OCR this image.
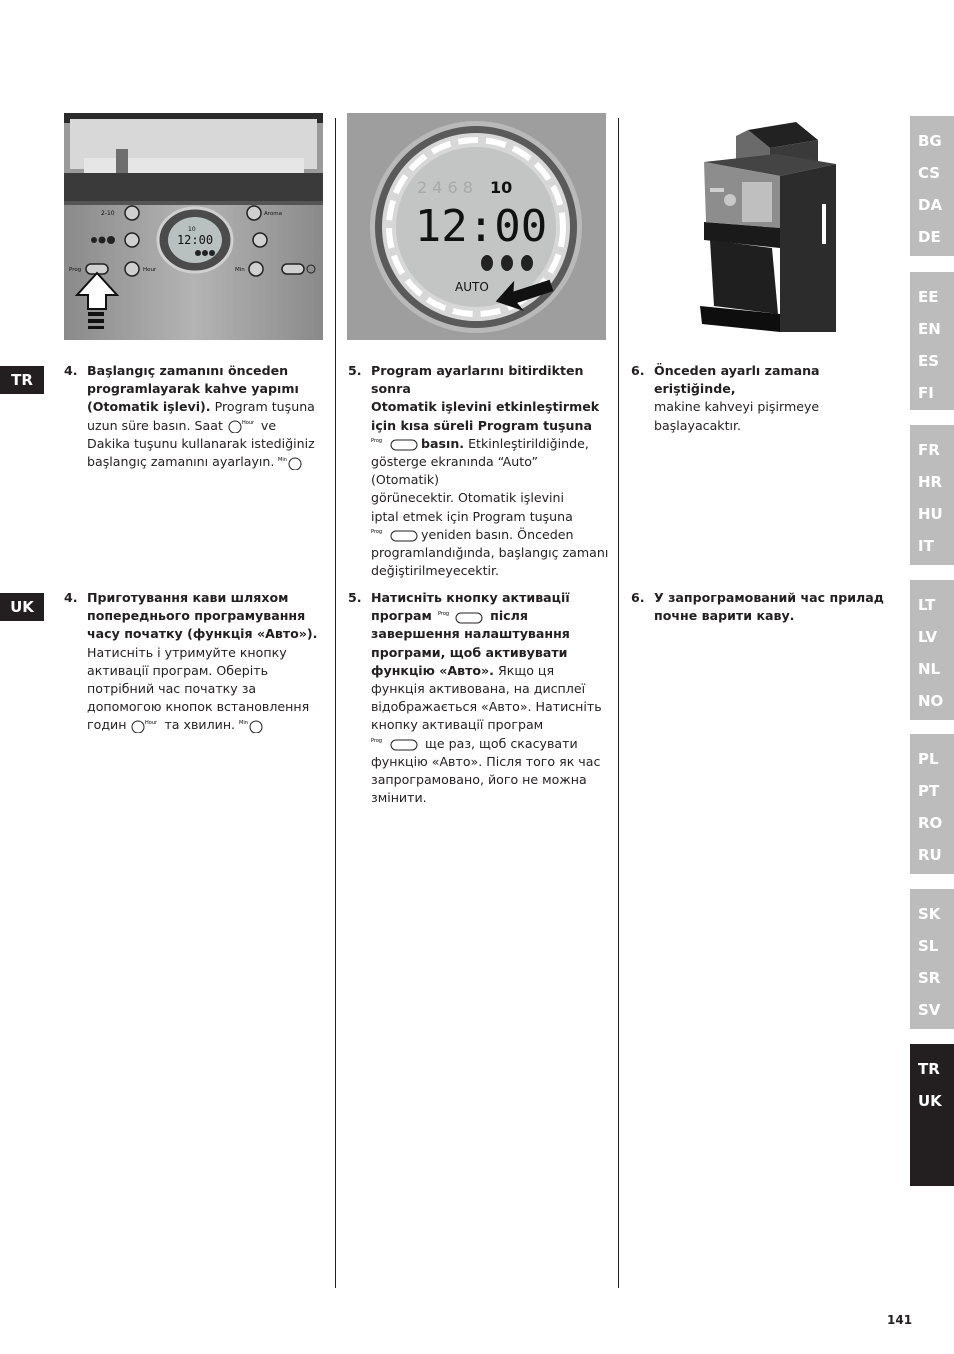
TR
UK
BG
CS
DA
DE
EE
EN
ES
FI
FR
HR
HU
IT
LT
LV
NL
NO
PL
PT
RO
RU
SK
SL
SR
SV
TR
UK
10
12:00
2-10	Aroma
Prog	Hour	Min
2 4 6 8 10
12:00
AUTO
4. Başlangıç zamanını önceden
programlayarak kahve yapımı
(Otomatik işlevi). Program tuşuna
uzun süre basın. Saat	Hour ve
Dakika tuşunu kullanarak istediğiniz
başlangıç zamanını ayarlayın. Min
5. Program ayarlarını bitirdikten sonra
Otomatik işlevini etkinleştirmek
için kısa süreli Program tuşuna
Prog	basın. Etkinleştirildiğinde,
gösterge ekranında “Auto” (Otomatik)
görünecektir. Otomatik işlevini
iptal etmek için Program tuşuna
Prog	yeniden basın. Önceden
programlandığında, başlangıç zamanı
değiştirilmeyecektir.
6. Önceden ayarlı zamana eriştiğinde,
makine kahveyi pişirmeye
başlayacaktır.
4. Приготування кави шляхом
попереднього програмування
часу початку (функція «Авто»).
Натисніть і утримуйте кнопку
активації програм. Оберіть
потрібний час початку за
допомогою кнопок встановлення
годин	Hour та хвилин. Min
5. Натисніть кнопку активації
програм Prog	після
завершення налаштування
програми, щоб активувати
функцію «Авто». Якщо ця
функція активована, на дисплеї
відображається «Авто». Натисніть
кнопку активації програм
Prog	ще раз, щоб скасувати
функцію «Авто». Після того як час
запрограмовано, його не можна
змінити.
6. У запрограмований час прилад
почне варити каву.
141
